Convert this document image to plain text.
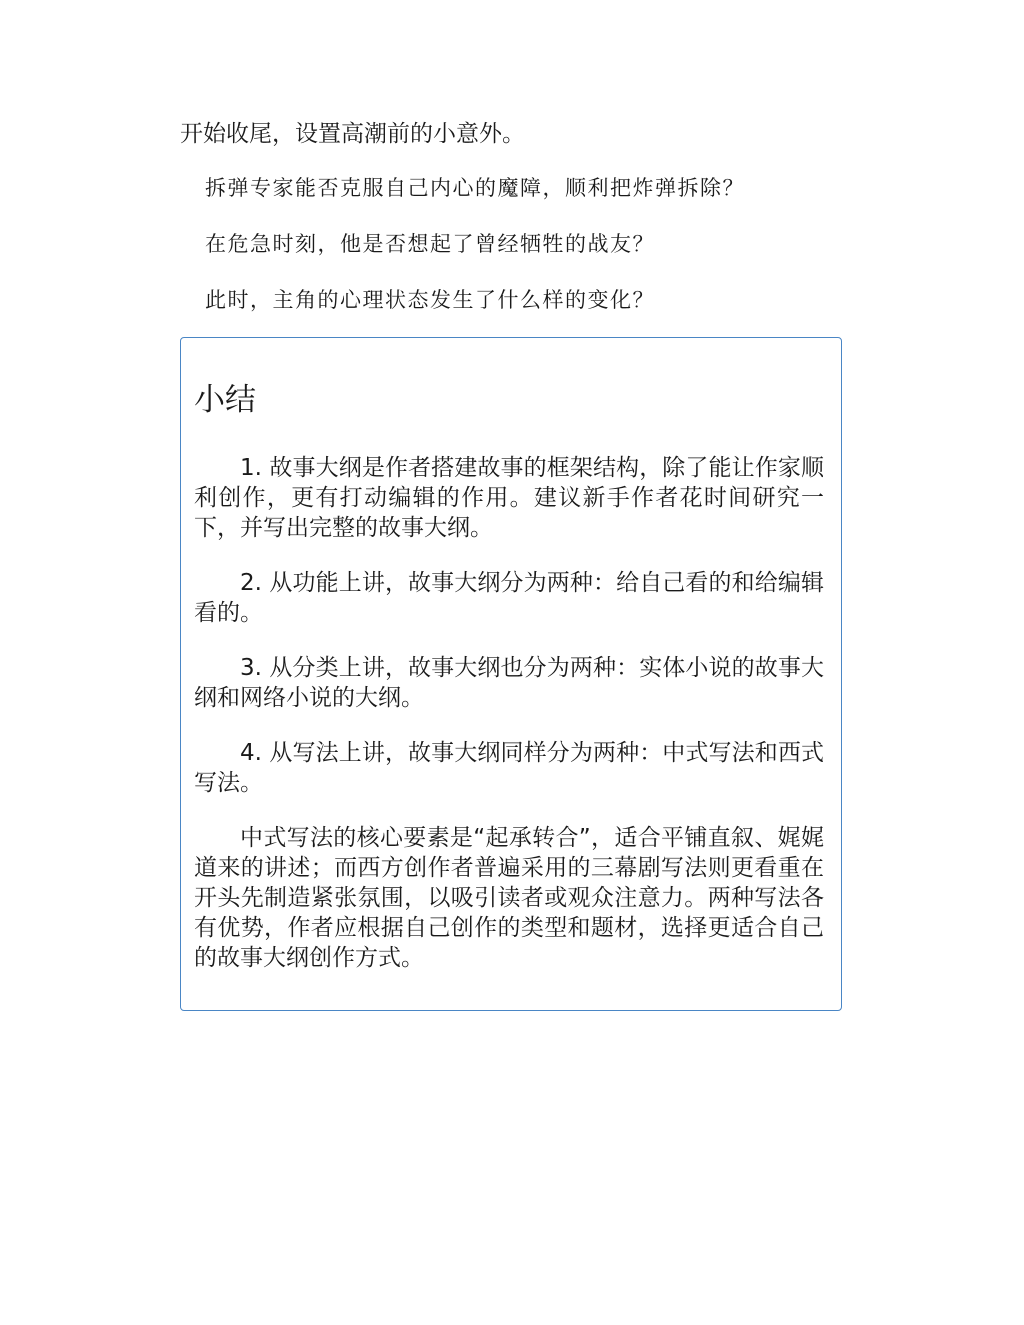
开始收尾，设置高潮前的小意外。
拆弹专家能否克服自己内心的魔障，顺利把炸弹拆除？
在危急时刻，他是否想起了曾经牺牲的战友？
此时，主角的心理状态发生了什么样的变化？
小结

1. 故事大纲是作者搭建故事的框架结构，除了能让作家顺利创作，更有打动编辑的作用。建议新手作者花时间研究一下，并写出完整的故事大纲。

2. 从功能上讲，故事大纲分为两种：给自己看的和给编辑看的。

3. 从分类上讲，故事大纲也分为两种：实体小说的故事大纲和网络小说的大纲。

4. 从写法上讲，故事大纲同样分为两种：中式写法和西式写法。

中式写法的核心要素是“起承转合”，适合平铺直叙、娓娓道来的讲述；而西方创作者普遍采用的三幕剧写法则更看重在开头先制造紧张氛围，以吸引读者或观众注意力。两种写法各有优势，作者应根据自己创作的类型和题材，选择更适合自己的故事大纲创作方式。
